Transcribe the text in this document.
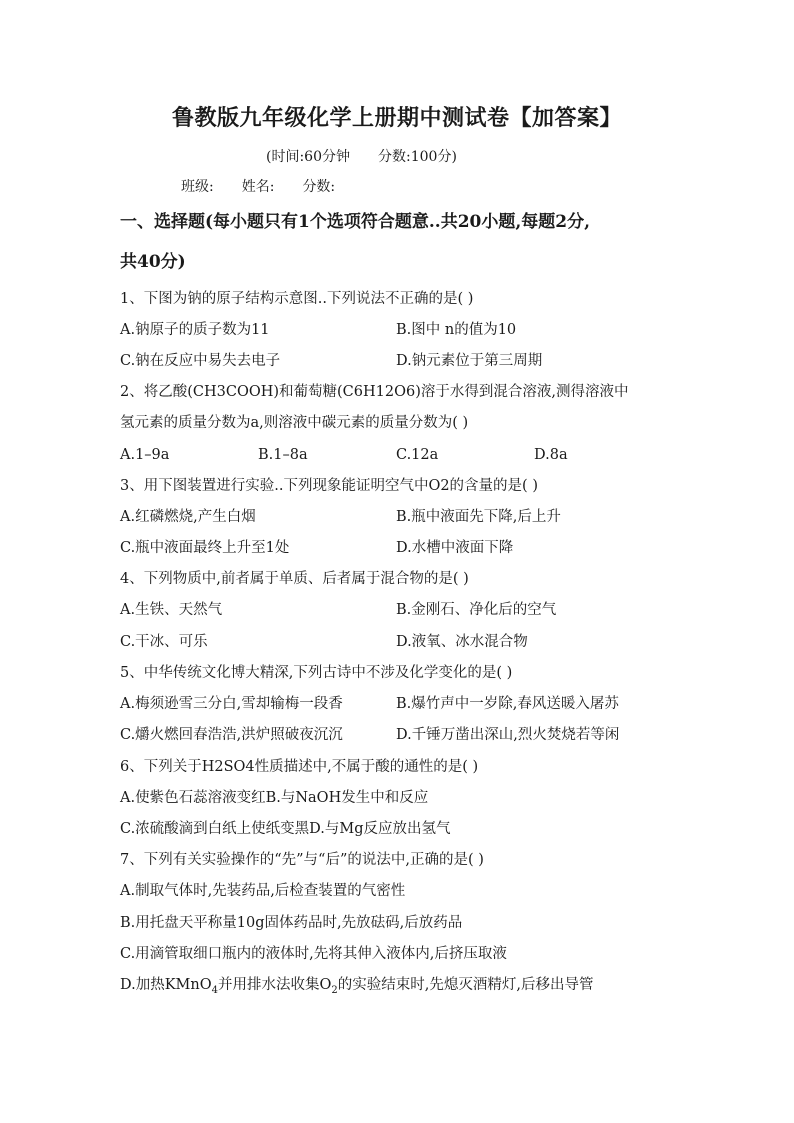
鲁教版九年级化学上册期中测试卷【加答案】
(时间:60分钟 分数:100分)
班级: 姓名: 分数:
一、选择题(每小题只有1个选项符合题意..共20小题,每题2分,
共40分)
1、下图为钠的原子结构示意图..下列说法不正确的是( )
A.钠原子的质子数为11	B.图中 n的值为10
C.钠在反应中易失去电子	D.钠元素位于第三周期
2、将乙酸(CH3COOH)和葡萄糖(C6H12O6)溶于水得到混合溶液,测得溶液中
氢元素的质量分数为a,则溶液中碳元素的质量分数为( )
A.1–9a	B.1–8a	C.12a	D.8a
3、用下图装置进行实验..下列现象能证明空气中O2的含量的是( )
A.红磷燃烧,产生白烟	B.瓶中液面先下降,后上升
C.瓶中液面最终上升至1处	D.水槽中液面下降
4、下列物质中,前者属于单质、后者属于混合物的是( )
A.生铁、天然气	B.金刚石、净化后的空气
C.干冰、可乐	D.液氧、冰水混合物
5、中华传统文化博大精深,下列古诗中不涉及化学变化的是( )
A.梅须逊雪三分白,雪却输梅一段香	B.爆竹声中一岁除,春风送暖入屠苏
C.爝火燃回春浩浩,洪炉照破夜沉沉	D.千锤万凿出深山,烈火焚烧若等闲
6、下列关于H2SO4性质描述中,不属于酸的通性的是( )
A.使紫色石蕊溶液变红B.与NaOH发生中和反应
C.浓硫酸滴到白纸上使纸变黑D.与Mg反应放出氢气
7、下列有关实验操作的“先”与“后”的说法中,正确的是( )
A.制取气体时,先装药品,后检查装置的气密性
B.用托盘天平称量10g固体药品时,先放砝码,后放药品
C.用滴管取细口瓶内的液体时,先将其伸入液体内,后挤压取液
D.加热KMnO$_4$并用排水法收集$O_2$的实验结束时,先熄灭酒精灯,后移出导管
